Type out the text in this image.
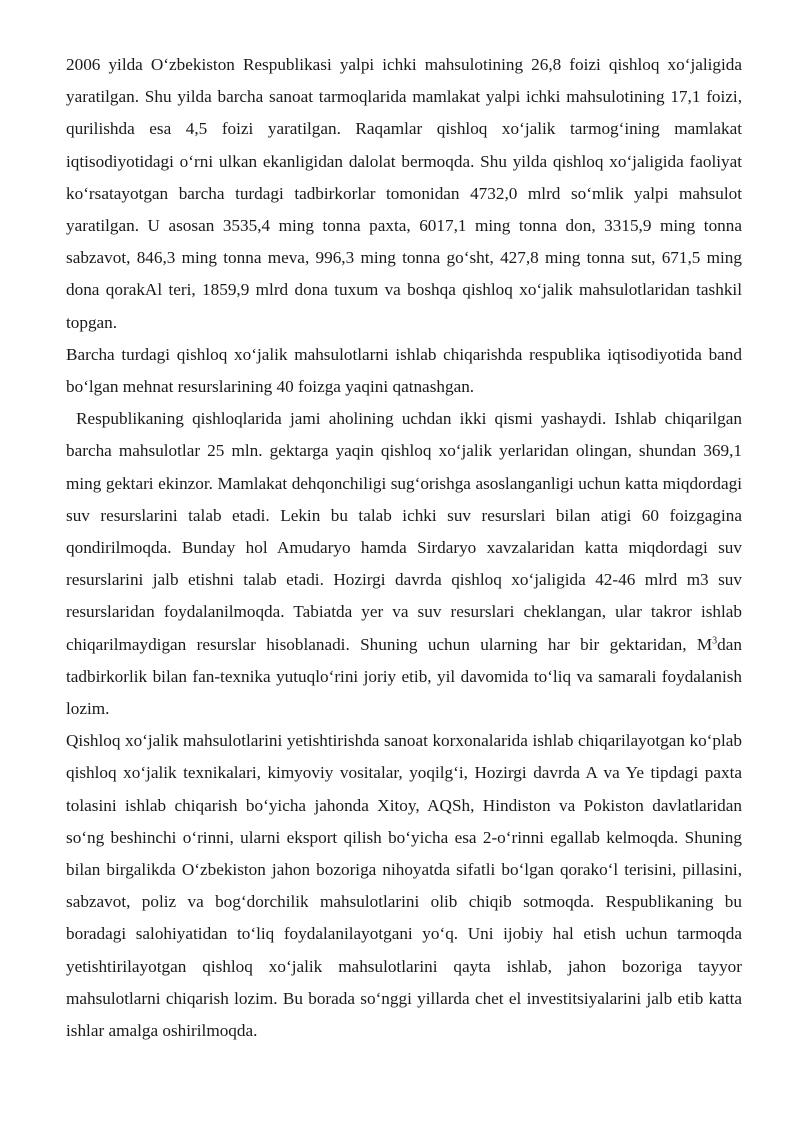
2006 yilda O‘zbekiston Respublikasi yalpi ichki mahsulotining 26,8 foizi qishloq xo‘jaligida yaratilgan. Shu yilda barcha sanoat tarmoqlarida mamlakat yalpi ichki mahsulotining 17,1 foizi, qurilishda esa 4,5 foizi yaratilgan. Raqamlar qishloq xo‘jalik tarmog‘ining mamlakat iqtisodiyotidagi o‘rni ulkan ekanligidan dalolat bermoqda. Shu yilda qishloq xo‘jaligida faoliyat ko‘rsatayotgan barcha turdagi tadbirkorlar tomonidan 4732,0 mlrd so‘mlik yalpi mahsulot yaratilgan. U asosan 3535,4 ming tonna paxta, 6017,1 ming tonna don, 3315,9 ming tonna sabzavot, 846,3 ming tonna meva, 996,3 ming tonna go‘sht, 427,8 ming tonna sut, 671,5 ming dona qorakAl teri, 1859,9 mlrd dona tuxum va boshqa qishloq xo‘jalik mahsulotlaridan tashkil topgan.

Barcha turdagi qishloq xo‘jalik mahsulotlarni ishlab chiqarishda respublika iqtisodiyotida band bo‘lgan mehnat resurslarining 40 foizga yaqini qatnashgan.

Respublikaning qishloqlarida jami aholining uchdan ikki qismi yashaydi. Ishlab chiqarilgan barcha mahsulotlar 25 mln. gektarga yaqin qishloq xo‘jalik yerlaridan olingan, shundan 369,1 ming gektari ekinzor. Mamlakat dehqonchiligi sug‘orishga asoslanganligi uchun katta miqdordagi suv resurslarini talab etadi. Lekin bu talab ichki suv resurslari bilan atigi 60 foizgagina qondirilmoqda. Bunday hol Amudaryo hamda Sirdaryo xavzalaridan katta miqdordagi suv resurslarini jalb etishni talab etadi. Hozirgi davrda qishloq xo‘jaligida 42-46 mlrd m3 suv resurslaridan foydalanilmoqda. Tabiatda yer va suv resurslari cheklangan, ular takror ishlab chiqarilmaydigan resurslar hisoblanadi. Shuning uchun ularning har bir gektaridan, $M^3dan$ tadbirkorlik bilan fan-texnika yutuqlo‘rini joriy etib, yil davomida to‘liq va samarali foydalanish lozim.

Qishloq xo‘jalik mahsulotlarini yetishtirishda sanoat korxonalarida ishlab chiqarilayotgan ko‘plab qishloq xo‘jalik texnikalari, kimyoviy vositalar, yoqilg‘i, Hozirgi davrda A va Ye tipdagi paxta tolasini ishlab chiqarish bo‘yicha jahonda Xitoy, AQSh, Hindiston va Pokiston davlatlaridan so‘ng beshinchi o‘rinni, ularni eksport qilish bo‘yicha esa 2-o‘rinni egallab kelmoqda. Shuning bilan birgalikda O‘zbekiston jahon bozoriga nihoyatda sifatli bo‘lgan qorako‘l terisini, pillasini, sabzavot, poliz va bog‘dorchilik mahsulotlarini olib chiqib sotmoqda. Respublikaning bu boradagi salohiyatidan to‘liq foydalanilayotgani yo‘q. Uni ijobiy hal etish uchun tarmoqda yetishtirilayotgan qishloq xo‘jalik mahsulotlarini qayta ishlab, jahon bozoriga tayyor mahsulotlarni chiqarish lozim. Bu borada so‘nggi yillarda chet el investitsiyalarini jalb etib katta ishlar amalga oshirilmoqda.
